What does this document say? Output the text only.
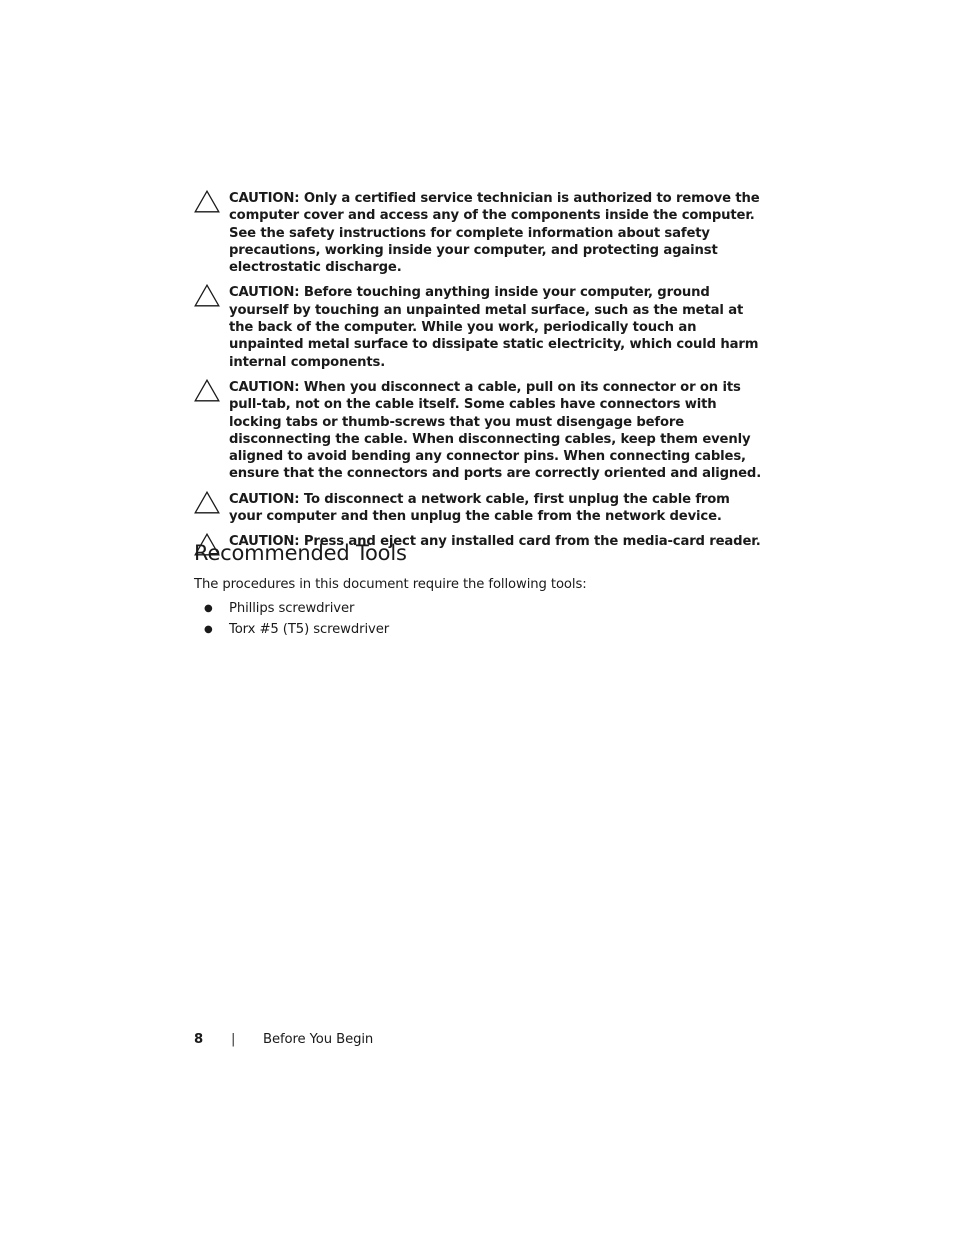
CAUTION: Only a certified service technician is authorized to remove the computer cover and access any of the components inside the computer. See the safety instructions for complete information about safety precautions, working inside your computer, and protecting against electrostatic discharge.
CAUTION: Before touching anything inside your computer, ground yourself by touching an unpainted metal surface, such as the metal at the back of the computer. While you work, periodically touch an unpainted metal surface to dissipate static electricity, which could harm internal components.
CAUTION: When you disconnect a cable, pull on its connector or on its pull-tab, not on the cable itself. Some cables have connectors with locking tabs or thumb-screws that you must disengage before disconnecting the cable. When disconnecting cables, keep them evenly aligned to avoid bending any connector pins. When connecting cables, ensure that the connectors and ports are correctly oriented and aligned.
CAUTION: To disconnect a network cable, first unplug the cable from your computer and then unplug the cable from the network device.
CAUTION: Press and eject any installed card from the media-card reader.
Recommended Tools

The procedures in this document require the following tools:

● Phillips screwdriver
● Torx #5 (T5) screwdriver
8 | Before You Begin
